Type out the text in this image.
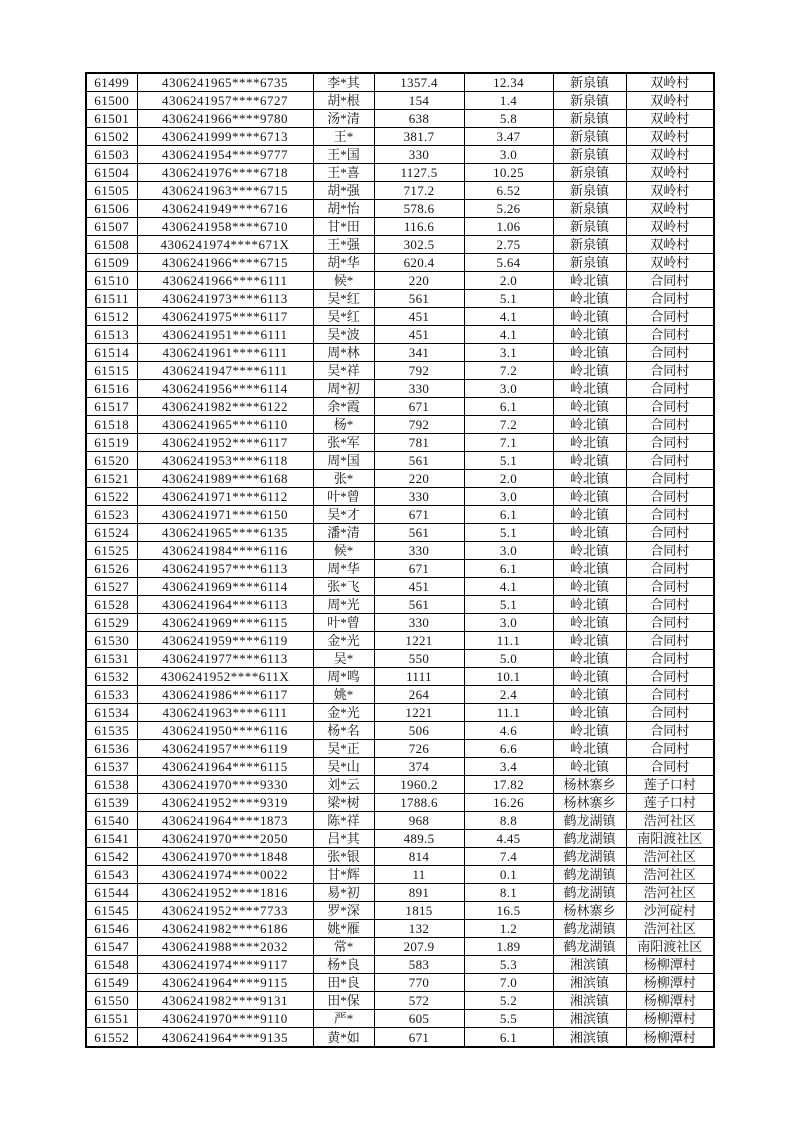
61499	4306241965****6735	李*其	1357.4	12.34	新泉镇	双岭村
61500	4306241957****6727	胡*根	154	1.4	新泉镇	双岭村
61501	4306241966****9780	汤*清	638	5.8	新泉镇	双岭村
61502	4306241999****6713	王*	381.7	3.47	新泉镇	双岭村
61503	4306241954****9777	王*国	330	3.0	新泉镇	双岭村
61504	4306241976****6718	王*喜	1127.5	10.25	新泉镇	双岭村
61505	4306241963****6715	胡*强	717.2	6.52	新泉镇	双岭村
61506	4306241949****6716	胡*怡	578.6	5.26	新泉镇	双岭村
61507	4306241958****6710	甘*田	116.6	1.06	新泉镇	双岭村
61508	4306241974****671X	王*强	302.5	2.75	新泉镇	双岭村
61509	4306241966****6715	胡*华	620.4	5.64	新泉镇	双岭村
61510	4306241966****6111	候*	220	2.0	岭北镇	合同村
61511	4306241973****6113	吴*红	561	5.1	岭北镇	合同村
61512	4306241975****6117	吴*红	451	4.1	岭北镇	合同村
61513	4306241951****6111	吴*波	451	4.1	岭北镇	合同村
61514	4306241961****6111	周*林	341	3.1	岭北镇	合同村
61515	4306241947****6111	吴*祥	792	7.2	岭北镇	合同村
61516	4306241956****6114	周*初	330	3.0	岭北镇	合同村
61517	4306241982****6122	余*霞	671	6.1	岭北镇	合同村
61518	4306241965****6110	杨*	792	7.2	岭北镇	合同村
61519	4306241952****6117	张*军	781	7.1	岭北镇	合同村
61520	4306241953****6118	周*国	561	5.1	岭北镇	合同村
61521	4306241989****6168	张*	220	2.0	岭北镇	合同村
61522	4306241971****6112	叶*曾	330	3.0	岭北镇	合同村
61523	4306241971****6150	吴*才	671	6.1	岭北镇	合同村
61524	4306241965****6135	潘*清	561	5.1	岭北镇	合同村
61525	4306241984****6116	候*	330	3.0	岭北镇	合同村
61526	4306241957****6113	周*华	671	6.1	岭北镇	合同村
61527	4306241969****6114	张*飞	451	4.1	岭北镇	合同村
61528	4306241964****6113	周*光	561	5.1	岭北镇	合同村
61529	4306241969****6115	叶*曾	330	3.0	岭北镇	合同村
61530	4306241959****6119	金*光	1221	11.1	岭北镇	合同村
61531	4306241977****6113	吴*	550	5.0	岭北镇	合同村
61532	4306241952****611X	周*鸣	1111	10.1	岭北镇	合同村
61533	4306241986****6117	姚*	264	2.4	岭北镇	合同村
61534	4306241963****6111	金*光	1221	11.1	岭北镇	合同村
61535	4306241950****6116	杨*名	506	4.6	岭北镇	合同村
61536	4306241957****6119	吴*正	726	6.6	岭北镇	合同村
61537	4306241964****6115	吴*山	374	3.4	岭北镇	合同村
61538	4306241970****9330	刘*云	1960.2	17.82	杨林寨乡	莲子口村
61539	4306241952****9319	梁*树	1788.6	16.26	杨林寨乡	莲子口村
61540	4306241964****1873	陈*祥	968	8.8	鹤龙湖镇	浩河社区
61541	4306241970****2050	吕*其	489.5	4.45	鹤龙湖镇	南阳渡社区
61542	4306241970****1848	张*银	814	7.4	鹤龙湖镇	浩河社区
61543	4306241974****0022	甘*辉	11	0.1	鹤龙湖镇	浩河社区
61544	4306241952****1816	易*初	891	8.1	鹤龙湖镇	浩河社区
61545	4306241952****7733	罗*深	1815	16.5	杨林寨乡	沙河碇村
61546	4306241982****6186	姚*雁	132	1.2	鹤龙湖镇	浩河社区
61547	4306241988****2032	常*	207.9	1.89	鹤龙湖镇	南阳渡社区
61548	4306241974****9117	杨*良	583	5.3	湘滨镇	杨柳潭村
61549	4306241964****9115	田*良	770	7.0	湘滨镇	杨柳潭村
61550	4306241982****9131	田*保	572	5.2	湘滨镇	杨柳潭村
61551	4306241970****9110	严*	605	5.5	湘滨镇	杨柳潭村
61552	4306241964****9135	黄*如	671	6.1	湘滨镇	杨柳潭村
